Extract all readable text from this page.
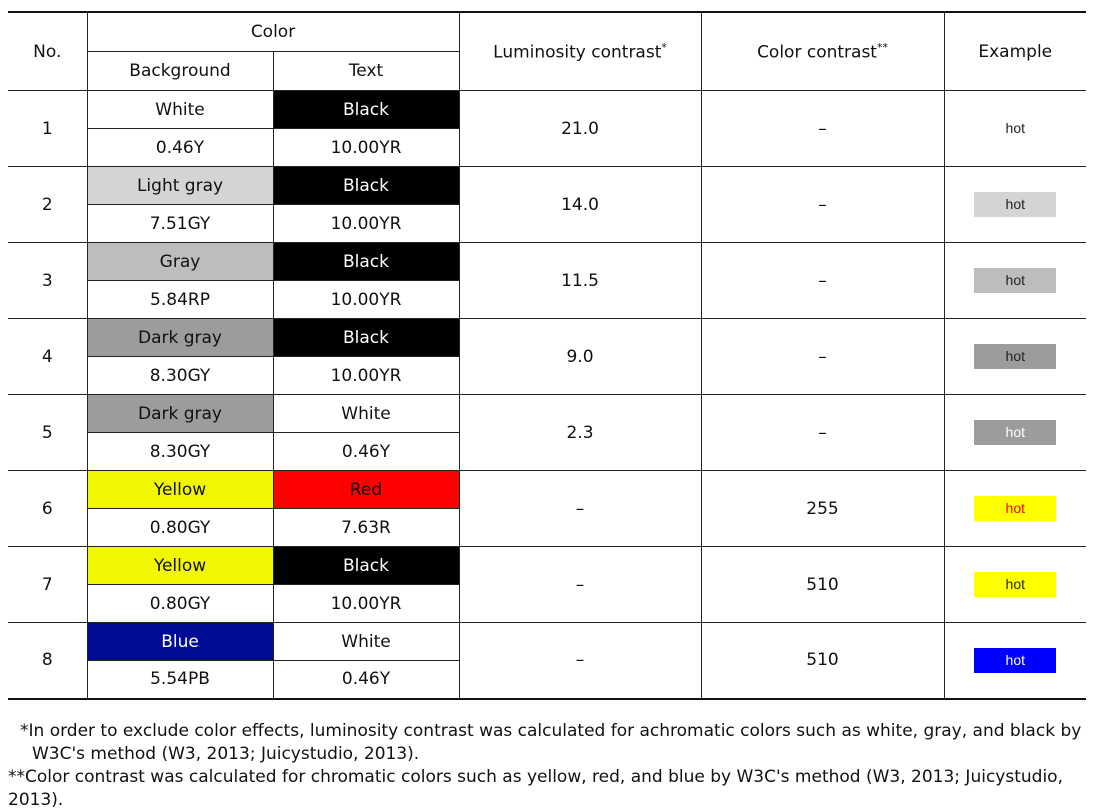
No.	Color		Luminosity contrast*	Color contrast**	Example
	Background	Text			
1	White	Black	21.0	–	hot
	0.46Y	10.00YR			
2	Light gray	Black	14.0	–	hot
	7.51GY	10.00YR			
3	Gray	Black	11.5	–	hot
	5.84RP	10.00YR			
4	Dark gray	Black	9.0	–	hot
	8.30GY	10.00YR			
5	Dark gray	White	2.3	–	hot
	8.30GY	0.46Y			
6	Yellow	Red	–	255	hot
	0.80GY	7.63R			
7	Yellow	Black	–	510	hot
	0.80GY	10.00YR			
8	Blue	White	–	510	hot
	5.54PB	0.46Y			
*In order to exclude color effects, luminosity contrast was calculated for achromatic colors such as white, gray, and black by
W3C's method (W3, 2013; Juicystudio, 2013).
**Color contrast was calculated for chromatic colors such as yellow, red, and blue by W3C's method (W3, 2013; Juicystudio, 2013).
